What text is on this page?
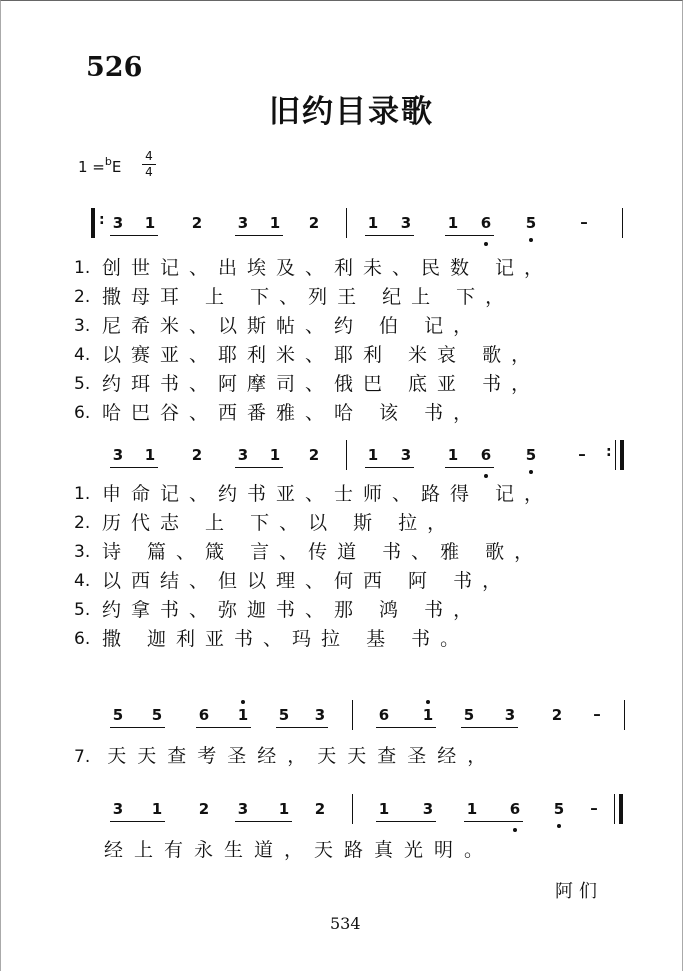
526
旧约目录歌
1 =$^b$E
4
4
: 3 1 2 3 1 2	1 3 1 6 5	–
1. 创世记、出埃及、利未、民数 记，
2. 撒母耳 上 下、列王 纪上 下，
3. 尼希米、以斯帖、约 伯 记，
4. 以赛亚、耶利米、耶利 米哀 歌，
5. 约珥书、阿摩司、俄巴 底亚 书，
6. 哈巴谷、西番雅、哈 该 书，
3 1 2 3 1 2	1 3 1 6 5	–	:
1. 申命记、约书亚、士师、路得 记，
2. 历代志 上 下、以 斯 拉，
3. 诗 篇、箴 言、传道 书、雅 歌，
4. 以西结、但以理、何西 阿 书，
5. 约拿书、弥迦书、那 鸿 书，
6. 撒 迦利亚书、玛拉 基 书。
5 5 6 1 5 3	6 1 5 3 2	–
7. 天天查考圣经，天天查圣经，
3 1 2 3 1 2	1 3 1 6 5	–
经上有永生道，天路真光明。
阿们
534
